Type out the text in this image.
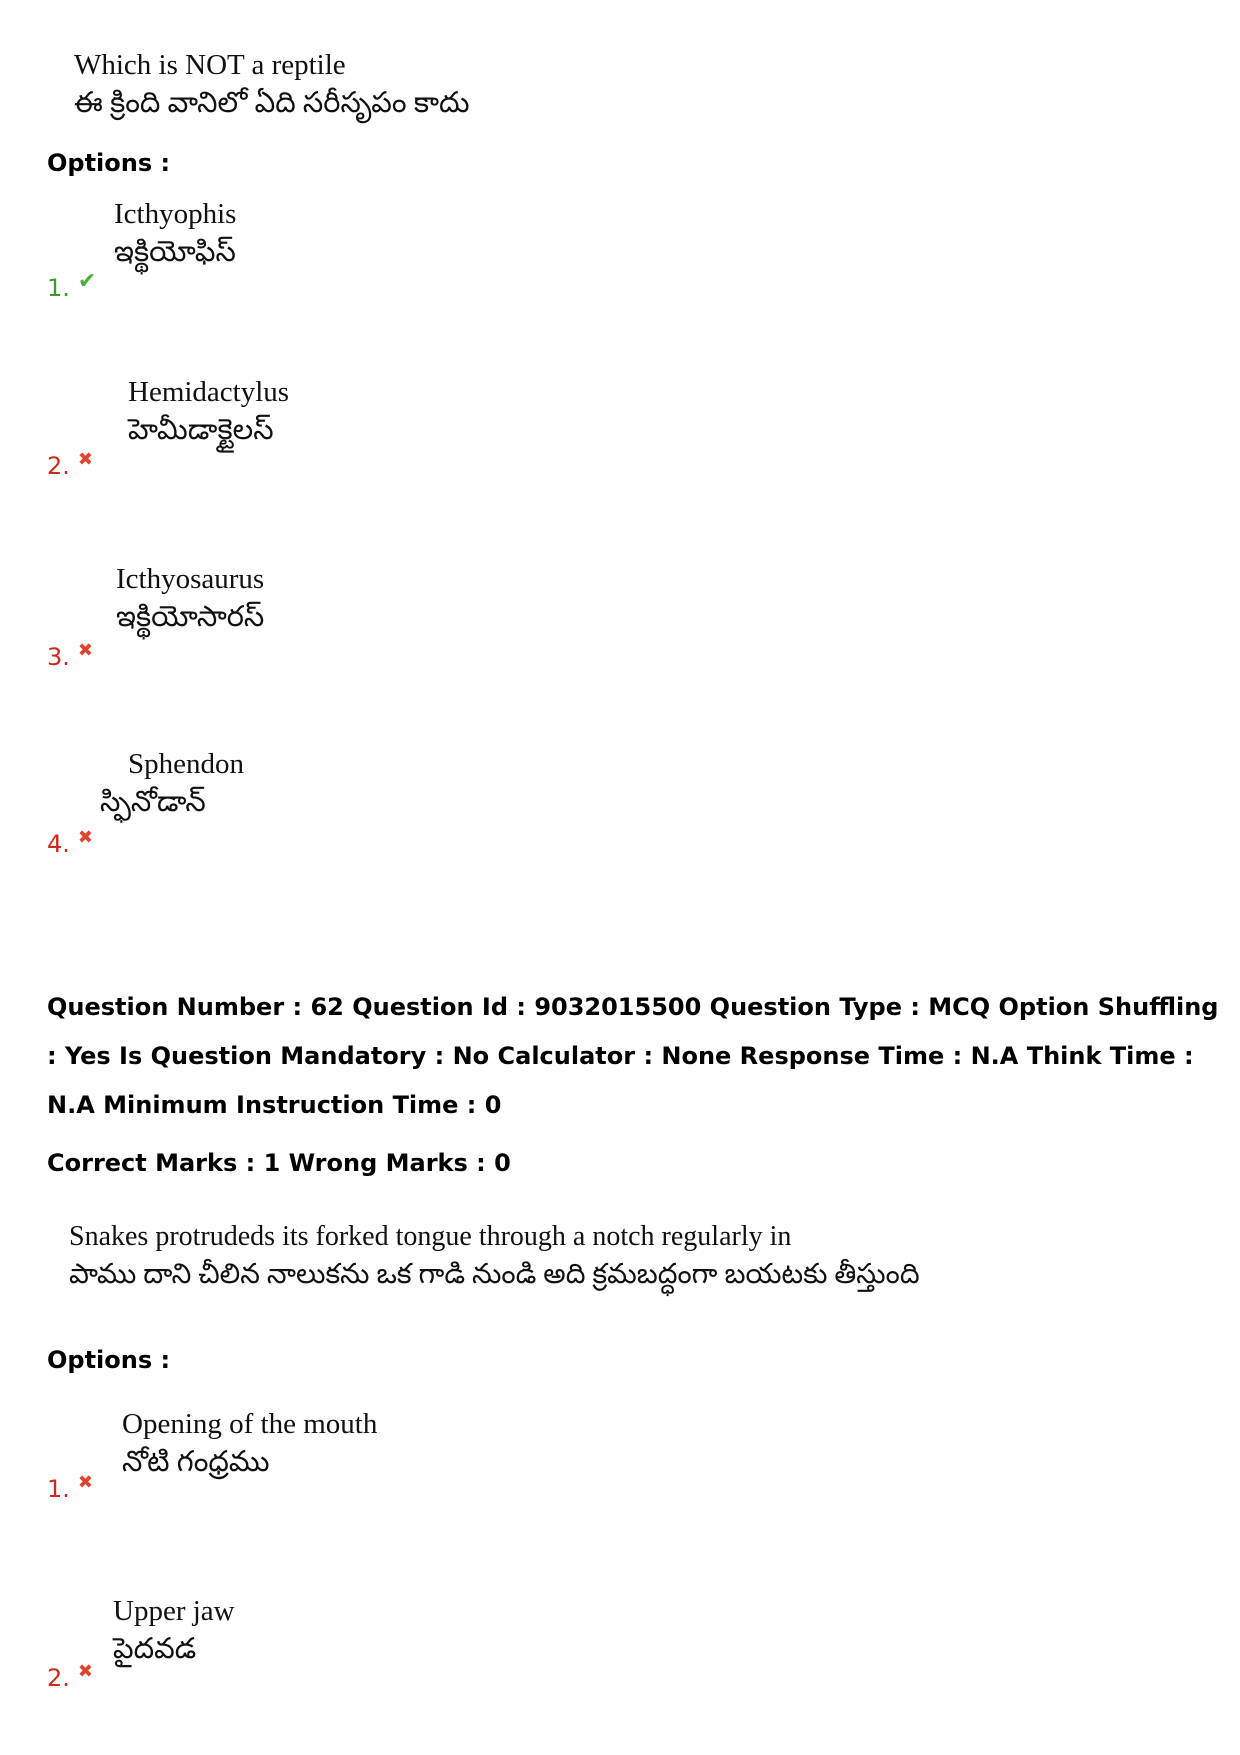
Which is NOT a reptile
ఈ క్రింది వానిలో ఏది సరీసృపం కాదు
Options :
Icthyophis
ఇక్థియోఫిస్
1. ✔
Hemidactylus
హెమీడాక్టైలస్
2. ✖
Icthyosaurus
ఇక్థియోసారస్
3. ✖
Sphendon
స్ఫినోడాన్
4. ✖
Question Number : 62 Question Id : 9032015500 Question Type : MCQ Option Shuffling : Yes Is Question Mandatory : No Calculator : None Response Time : N.A Think Time : N.A Minimum Instruction Time : 0
Correct Marks : 1 Wrong Marks : 0
Snakes protrudeds its forked tongue through a notch regularly in
పాము దాని చీలిన నాలుకను ఒక గాడి నుండి అది క్రమబద్ధంగా బయటకు తీస్తుంది
Options :
Opening of the mouth
నోటి గంధ్రము
1. ✖
Upper jaw
పైదవడ
2. ✖
